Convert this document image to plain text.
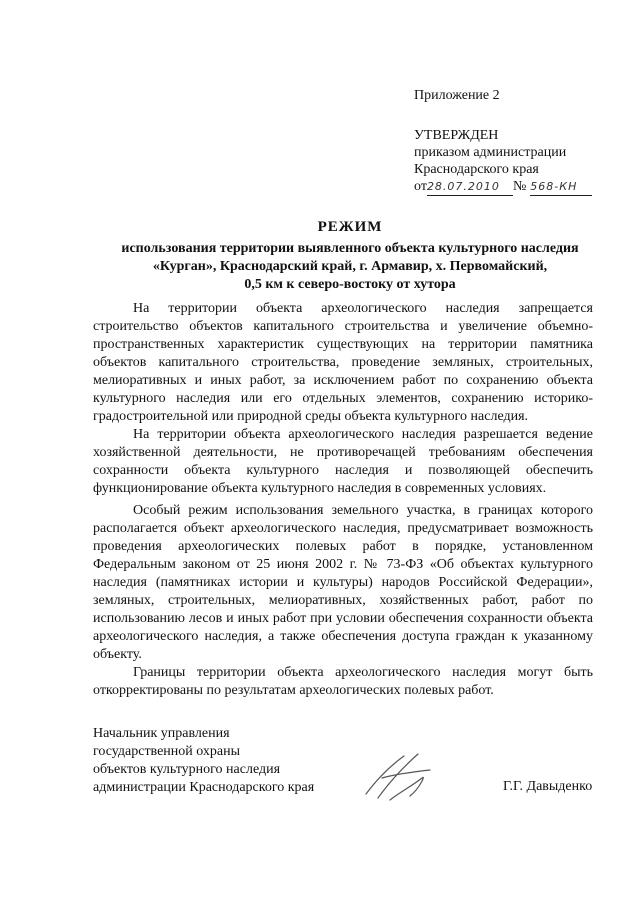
Приложение 2
УТВЕРЖДЕН
приказом администрации
Краснодарского края
от28.07.2010 № 568-КН
РЕЖИМ
использования территории выявленного объекта культурного наследия
«Курган», Краснодарский край, г. Армавир, х. Первомайский,
0,5 км к северо-востоку от хутора

На территории объекта археологического наследия запрещается строительство объектов капитального строительства и увеличение объемно-пространственных характеристик существующих на территории памятника объектов капитального строительства, проведение земляных, строительных, мелиоративных и иных работ, за исключением работ по сохранению объекта культурного наследия или его отдельных элементов, сохранению историко-градостроительной или природной среды объекта культурного наследия.

На территории объекта археологического наследия разрешается ведение хозяйственной деятельности, не противоречащей требованиям обеспечения сохранности объекта культурного наследия и позволяющей обеспечить функционирование объекта культурного наследия в современных условиях.

Особый режим использования земельного участка, в границах которого располагается объект археологического наследия, предусматривает возможность проведения археологических полевых работ в порядке, установленном Федеральным законом от 25 июня 2002 г. № 73-ФЗ «Об объектах культурного наследия (памятниках истории и культуры) народов Российской Федерации», земляных, строительных, мелиоративных, хозяйственных работ, работ по использованию лесов и иных работ при условии обеспечения сохранности объекта археологического наследия, а также обеспечения доступа граждан к указанному объекту.

Границы территории объекта археологического наследия могут быть откорректированы по результатам археологических полевых работ.

Начальник управления
государственной охраны
объектов культурного наследия
администрации Краснодарского края	Г.Г. Давыденко
